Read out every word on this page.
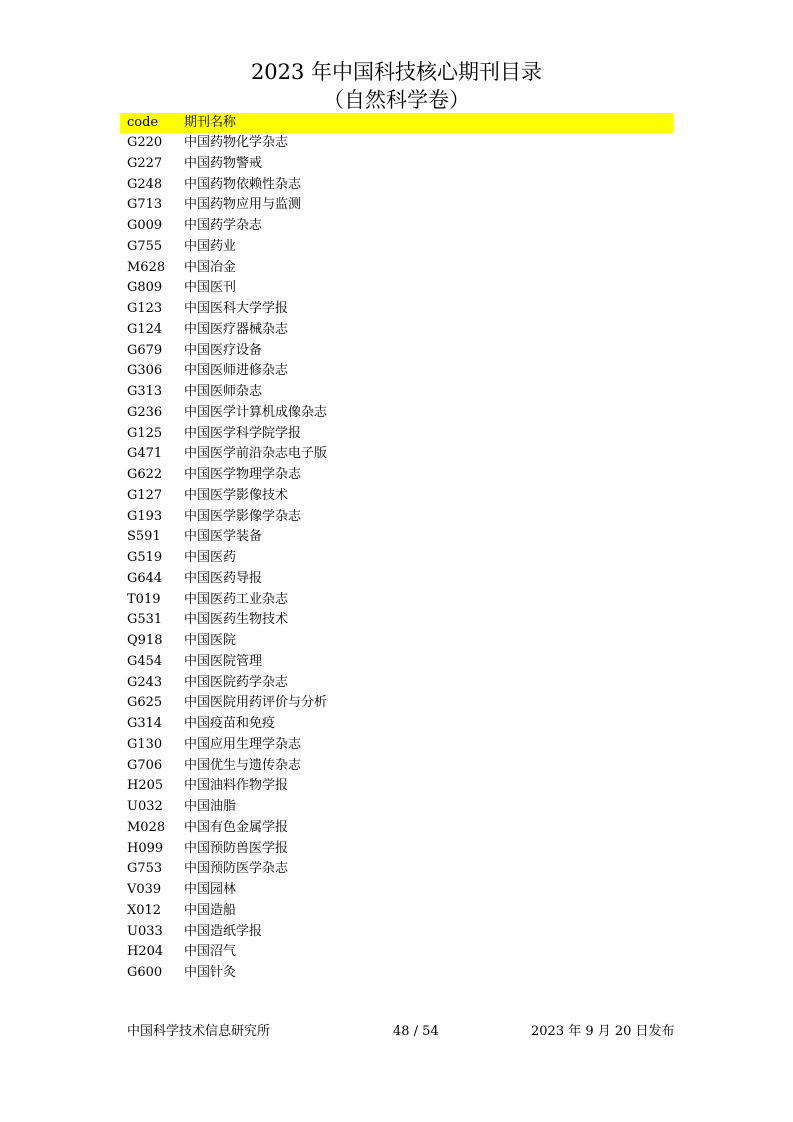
2023 年中国科技核心期刊目录
（自然科学卷）
code 期刊名称
G220 中国药物化学杂志
G227 中国药物警戒
G248 中国药物依赖性杂志
G713 中国药物应用与监测
G009 中国药学杂志
G755 中国药业
M628 中国冶金
G809 中国医刊
G123 中国医科大学学报
G124 中国医疗器械杂志
G679 中国医疗设备
G306 中国医师进修杂志
G313 中国医师杂志
G236 中国医学计算机成像杂志
G125 中国医学科学院学报
G471 中国医学前沿杂志电子版
G622 中国医学物理学杂志
G127 中国医学影像技术
G193 中国医学影像学杂志
S591 中国医学装备
G519 中国医药
G644 中国医药导报
T019 中国医药工业杂志
G531 中国医药生物技术
Q918 中国医院
G454 中国医院管理
G243 中国医院药学杂志
G625 中国医院用药评价与分析
G314 中国疫苗和免疫
G130 中国应用生理学杂志
G706 中国优生与遗传杂志
H205 中国油料作物学报
U032 中国油脂
M028 中国有色金属学报
H099 中国预防兽医学报
G753 中国预防医学杂志
V039 中国园林
X012 中国造船
U033 中国造纸学报
H204 中国沼气
G600 中国针灸
中国科学技术信息研究所	48 / 54	2023 年 9 月 20 日发布
